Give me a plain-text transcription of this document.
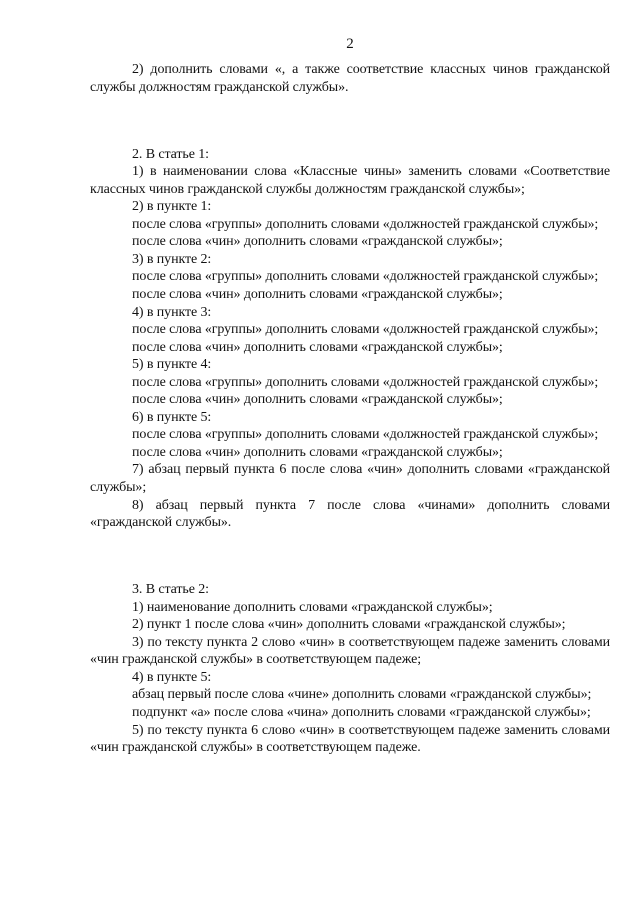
2

2) дополнить словами «, а также соответствие классных чинов гражданской службы должностям гражданской службы».

2. В статье 1:

1) в наименовании слова «Классные чины» заменить словами «Соответствие классных чинов гражданской службы должностям гражданской службы»;

2) в пункте 1:

после слова «группы» дополнить словами «должностей гражданской службы»;

после слова «чин» дополнить словами «гражданской службы»;

3) в пункте 2:

после слова «группы» дополнить словами «должностей гражданской службы»;

после слова «чин» дополнить словами «гражданской службы»;

4) в пункте 3:

после слова «группы» дополнить словами «должностей гражданской службы»;

после слова «чин» дополнить словами «гражданской службы»;

5) в пункте 4:

после слова «группы» дополнить словами «должностей гражданской службы»;

после слова «чин» дополнить словами «гражданской службы»;

6) в пункте 5:

после слова «группы» дополнить словами «должностей гражданской службы»;

после слова «чин» дополнить словами «гражданской службы»;

7) абзац первый пункта 6 после слова «чин» дополнить словами «гражданской службы»;

8) абзац первый пункта 7 после слова «чинами» дополнить словами «гражданской службы».

3. В статье 2:

1) наименование дополнить словами «гражданской службы»;

2) пункт 1 после слова «чин» дополнить словами «гражданской службы»;

3) по тексту пункта 2 слово «чин» в соответствующем падеже заменить словами «чин гражданской службы» в соответствующем падеже;

4) в пункте 5:

абзац первый после слова «чине» дополнить словами «гражданской службы»;

подпункт «а» после слова «чина» дополнить словами «гражданской службы»;

5) по тексту пункта 6 слово «чин» в соответствующем падеже заменить словами «чин гражданской службы» в соответствующем падеже.
